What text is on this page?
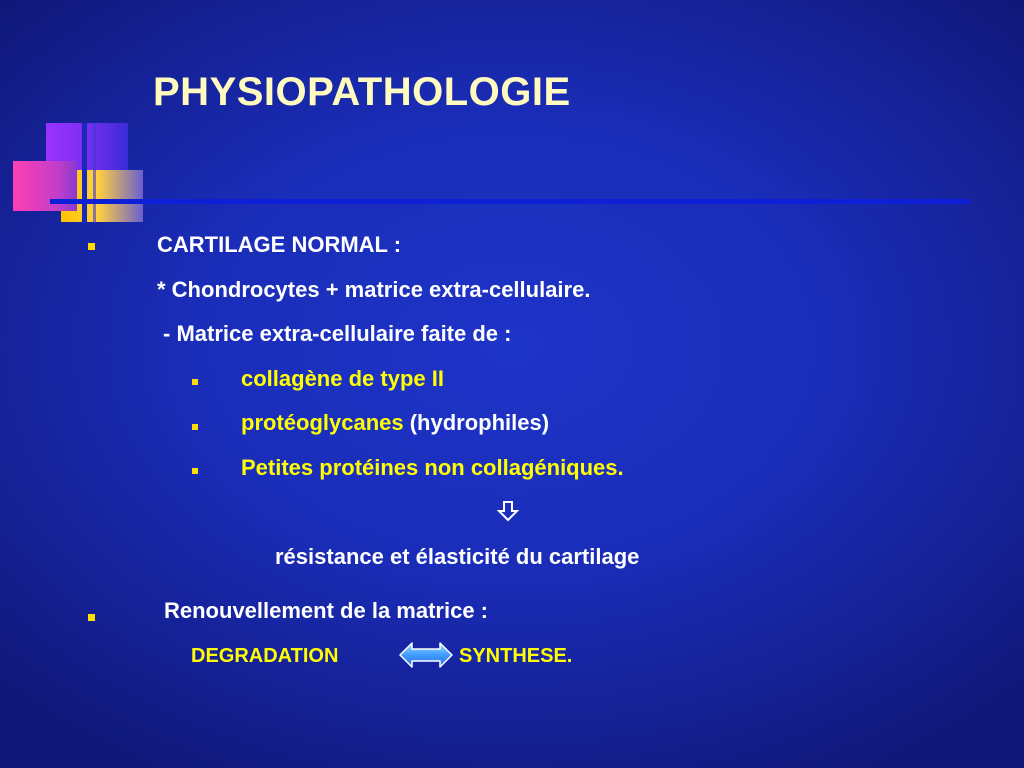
PHYSIOPATHOLOGIE
CARTILAGE NORMAL :
* Chondrocytes + matrice extra-cellulaire.
- Matrice extra-cellulaire faite de :
collagène de type II
protéoglycanes (hydrophiles)
Petites protéines non collagéniques.
résistance et élasticité du cartilage
Renouvellement de la matrice :
DEGRADATION	SYNTHESE.
